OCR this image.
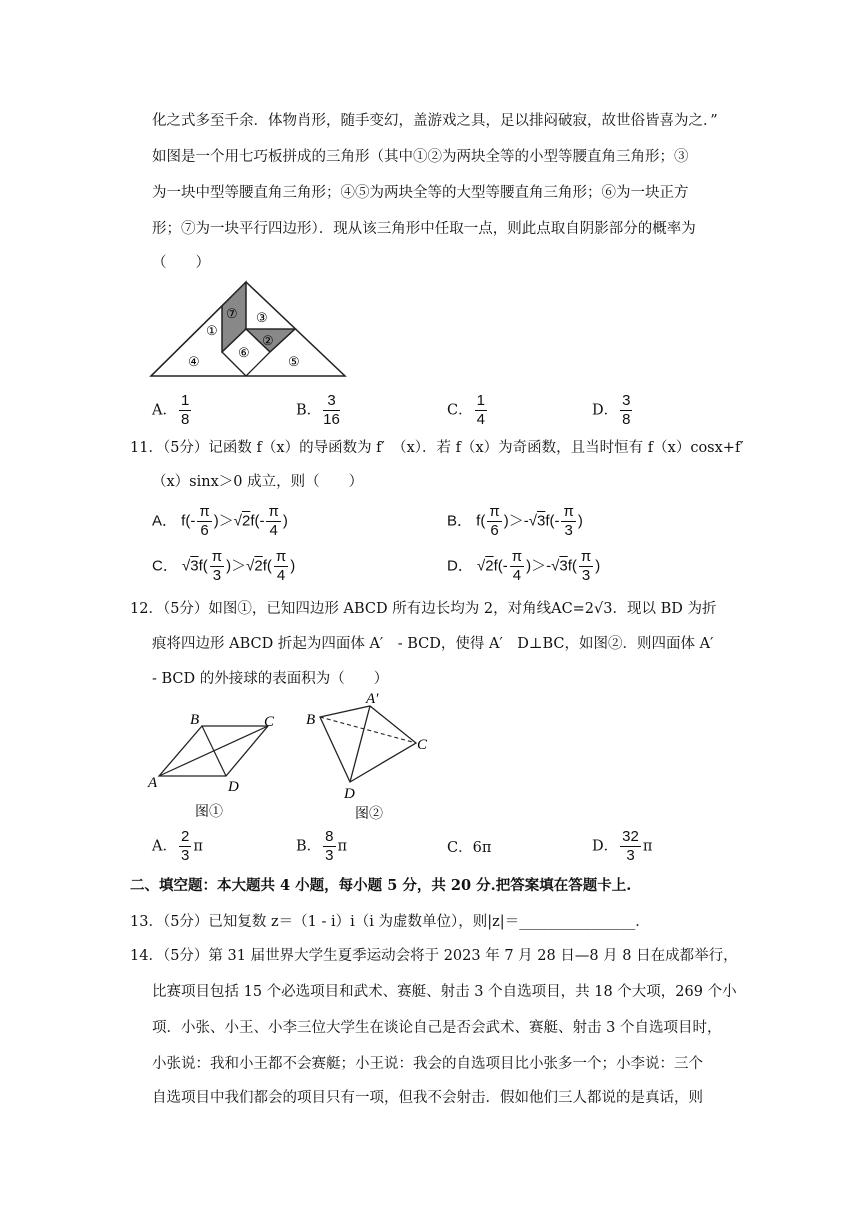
化之式多至千余．体物肖形，随手变幻，盖游戏之具，足以排闷破寂，故世俗皆喜为之．”
如图是一个用七巧板拼成的三角形（其中①②为两块全等的小型等腰直角三角形；③
为一块中型等腰直角三角形；④⑤为两块全等的大型等腰直角三角形；⑥为一块正方
形；⑦为一块平行四边形）．现从该三角形中任取一点，则此点取自阴影部分的概率为
（　　）
①
②
③
④	⑤
⑥
⑦
A． $\frac{1}{8}$	B． $\frac{3}{16}$	C． $\frac{1}{4}$	D． $\frac{3}{8}$
11．（5分）记函数 f（x）的导函数为 f′　（x）．若 f（x）为奇函数，且当时恒有 f（x）cosx+f′
（x）sinx＞0 成立，则（　　）
A． $f(- \frac{\pi}{6} )>√2f(- \frac{\pi}{4}$ )	B． $f( \frac{\pi}{6} )>-√3f(- \frac{\pi}{3}$ )
C． $√3f( \frac{\pi}{3} )>√2f( \frac{\pi}{4}$ )	D． $√2f(- \frac{\pi}{4} )>-√3f( \frac{\pi}{3}$ )
12．（5分）如图①，已知四边形 ABCD 所有边长均为 2，对角线AC=2√3．现以 BD 为折
痕将四边形 ABCD 折起为四面体 A′　- BCD，使得 A′　D⊥BC，如图②．则四面体 A′
- BCD 的外接球的表面积为（　　）
B	C
A	D
图①
B
A′
C
D
图②
A． $\frac{2}{3}$ π	B． $\frac{8}{3}$ π	C．6π	D． $\frac{32}{3}$ π
二、填空题：本大题共 4 小题，每小题 5 分，共 20 分.把答案填在答题卡上.
13．（5分）已知复数 z＝（1 - i）i（i 为虚数单位），则|z|＝________________．
14．（5分）第 31 届世界大学生夏季运动会将于 2023 年 7 月 28 日—8 月 8 日在成都举行，
比赛项目包括 15 个必选项目和武术、赛艇、射击 3 个自选项目，共 18 个大项，269 个小
项．小张、小王、小李三位大学生在谈论自己是否会武术、赛艇、射击 3 个自选项目时，
小张说：我和小王都不会赛艇；小王说：我会的自选项目比小张多一个；小李说：三个
自选项目中我们都会的项目只有一项，但我不会射击．假如他们三人都说的是真话，则
